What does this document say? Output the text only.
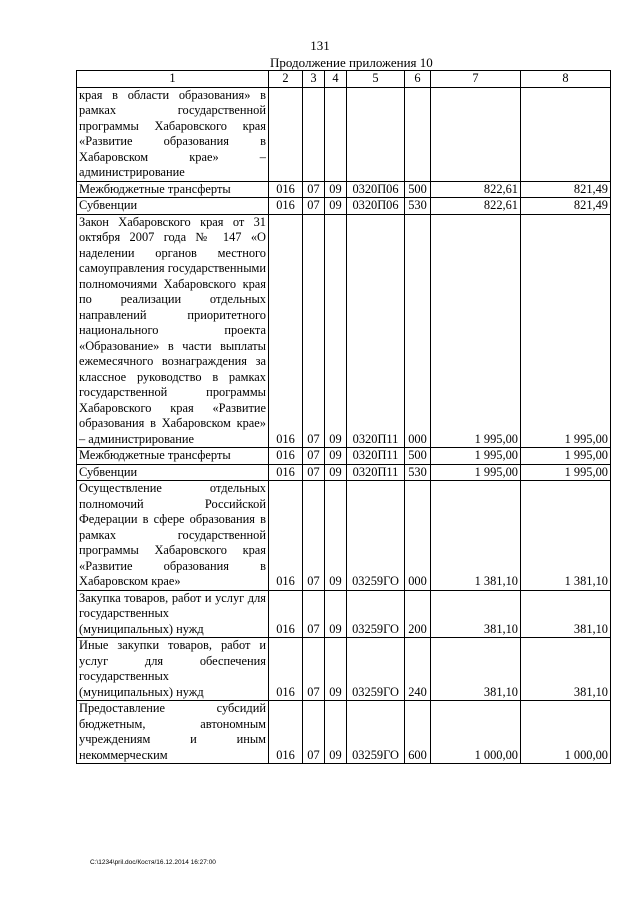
131
Продолжение приложения 10
1	2	3	4	5	6	7	8
края в области образования» в рамках государственной программы Хабаровского края «Развитие образования в Хабаровском крае» – администрирование							
Межбюджетные трансферты	016	07	09	0320П06	500	822,61	821,49
Субвенции	016	07	09	0320П06	530	822,61	821,49
Закон Хабаровского края от 31 октября 2007 года № 147 «О наделении органов местного самоуправления государственными полномочиями Хабаровского края по реализации отдельных направлений приоритетного национального проекта «Образование» в части выплаты ежемесячного вознаграждения за классное руководство в рамках государственной программы Хабаровского края «Развитие образования в Хабаровском крае» – администрирование	016	07	09	0320П11	000	1 995,00	1 995,00
Межбюджетные трансферты	016	07	09	0320П11	500	1 995,00	1 995,00
Субвенции	016	07	09	0320П11	530	1 995,00	1 995,00
Осуществление отдельных полномочий Российской Федерации в сфере образования в рамках государственной программы Хабаровского края «Развитие образования в Хабаровском крае»	016	07	09	03259ГО	000	1 381,10	1 381,10
Закупка товаров, работ и услуг для государственных (муниципальных) нужд	016	07	09	03259ГО	200	381,10	381,10
Иные закупки товаров, работ и услуг для обеспечения государственных (муниципальных) нужд	016	07	09	03259ГО	240	381,10	381,10
Предоставление субсидий бюджетным, автономным учреждениям и иным некоммерческим	016	07	09	03259ГО	600	1 000,00	1 000,00
C:\1234\pril.doc/Костя/16.12.2014 16:27:00
